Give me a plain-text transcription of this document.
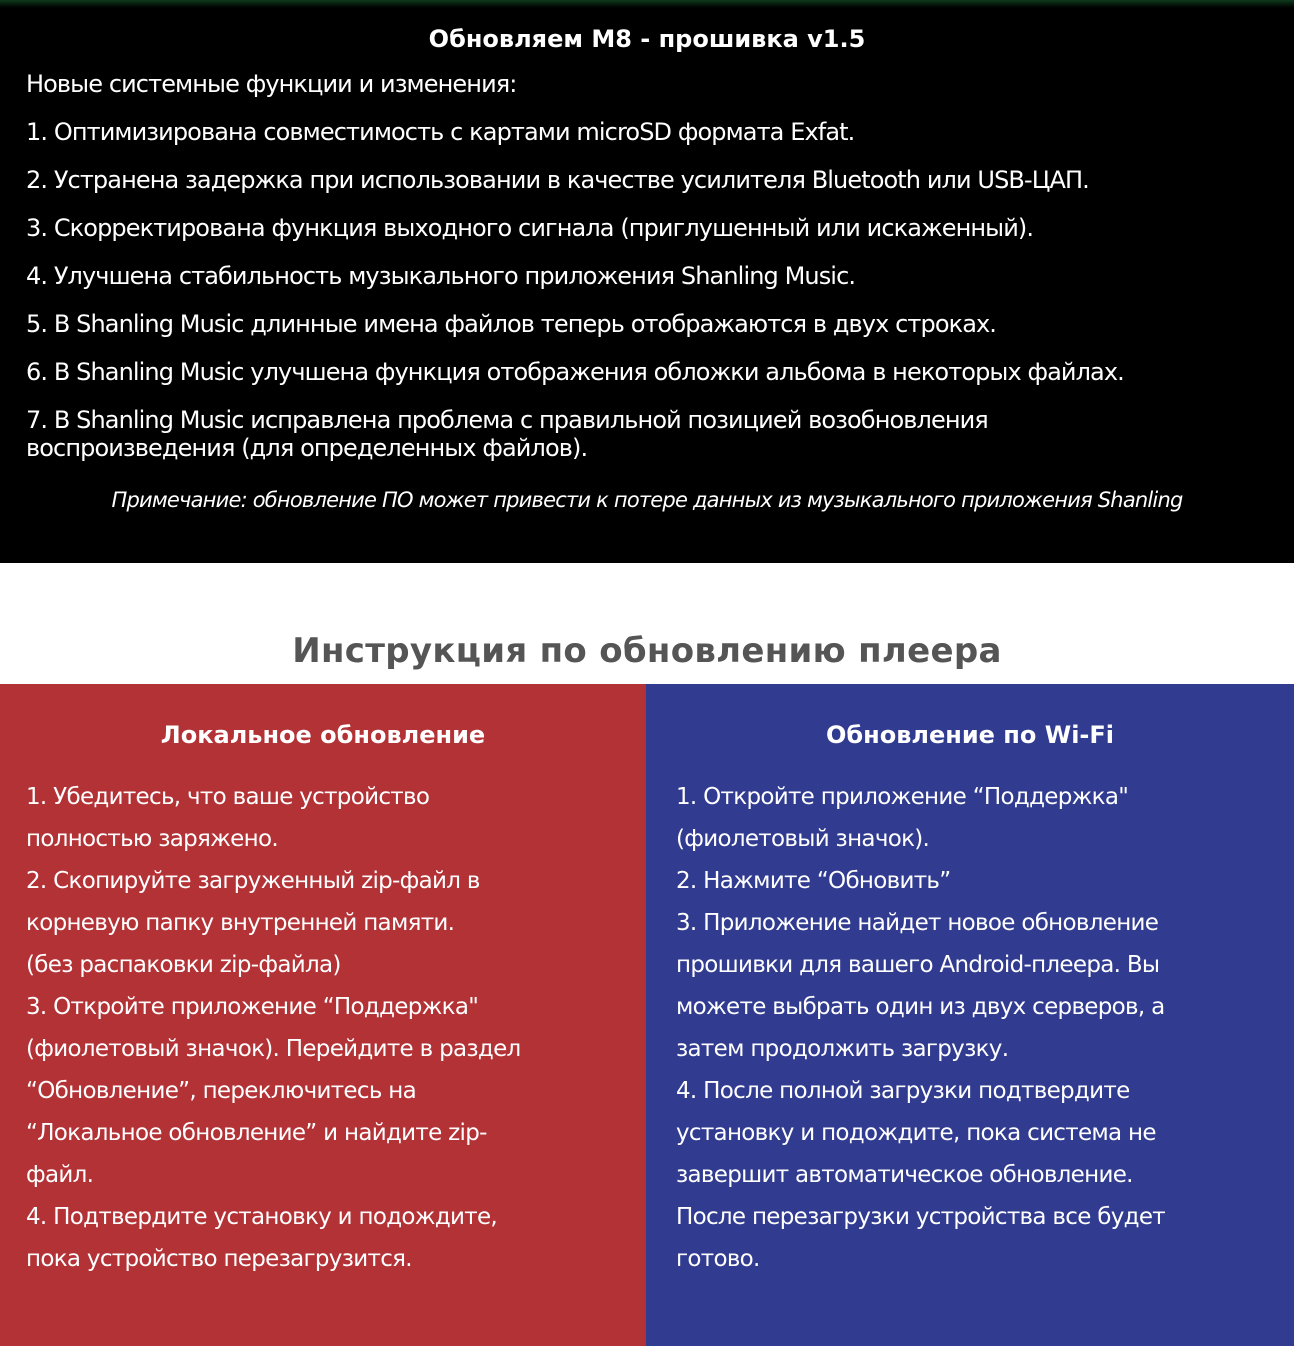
Обновляем M8 - прошивка v1.5
Новые системные функции и изменения:
1. Оптимизирована совместимость с картами microSD формата Exfat.
2. Устранена задержка при использовании в качестве усилителя Bluetooth или USB-ЦАП.
3. Скорректирована функция выходного сигнала (приглушенный или искаженный).
4. Улучшена стабильность музыкального приложения Shanling Music.
5. В Shanling Music длинные имена файлов теперь отображаются в двух строках.
6. В Shanling Music улучшена функция отображения обложки альбома в некоторых файлах.
7. В Shanling Music исправлена проблема с правильной позицией возобновления воспроизведения (для определенных файлов).
Примечание: обновление ПО может привести к потере данных из музыкального приложения Shanling
Инструкция по обновлению плеера
Локальное обновление
1. Убедитесь, что ваше устройство
полностью заряжено.
2. Скопируйте загруженный zip-файл в
корневую папку внутренней памяти.
(без распаковки zip-файла)
3. Откройте приложение “Поддержка"
(фиолетовый значок). Перейдите в раздел
“Обновление”, переключитесь на
“Локальное обновление” и найдите zip-
файл.
4. Подтвердите установку и подождите,
пока устройство перезагрузится.
Обновление по Wi-Fi
1. Откройте приложение “Поддержка"
(фиолетовый значок).
2. Нажмите “Обновить”
3. Приложение найдет новое обновление
прошивки для вашего Android-плеера. Вы
можете выбрать один из двух серверов, а
затем продолжить загрузку.
4. После полной загрузки подтвердите
установку и подождите, пока система не
завершит автоматическое обновление.
После перезагрузки устройства все будет
готово.
